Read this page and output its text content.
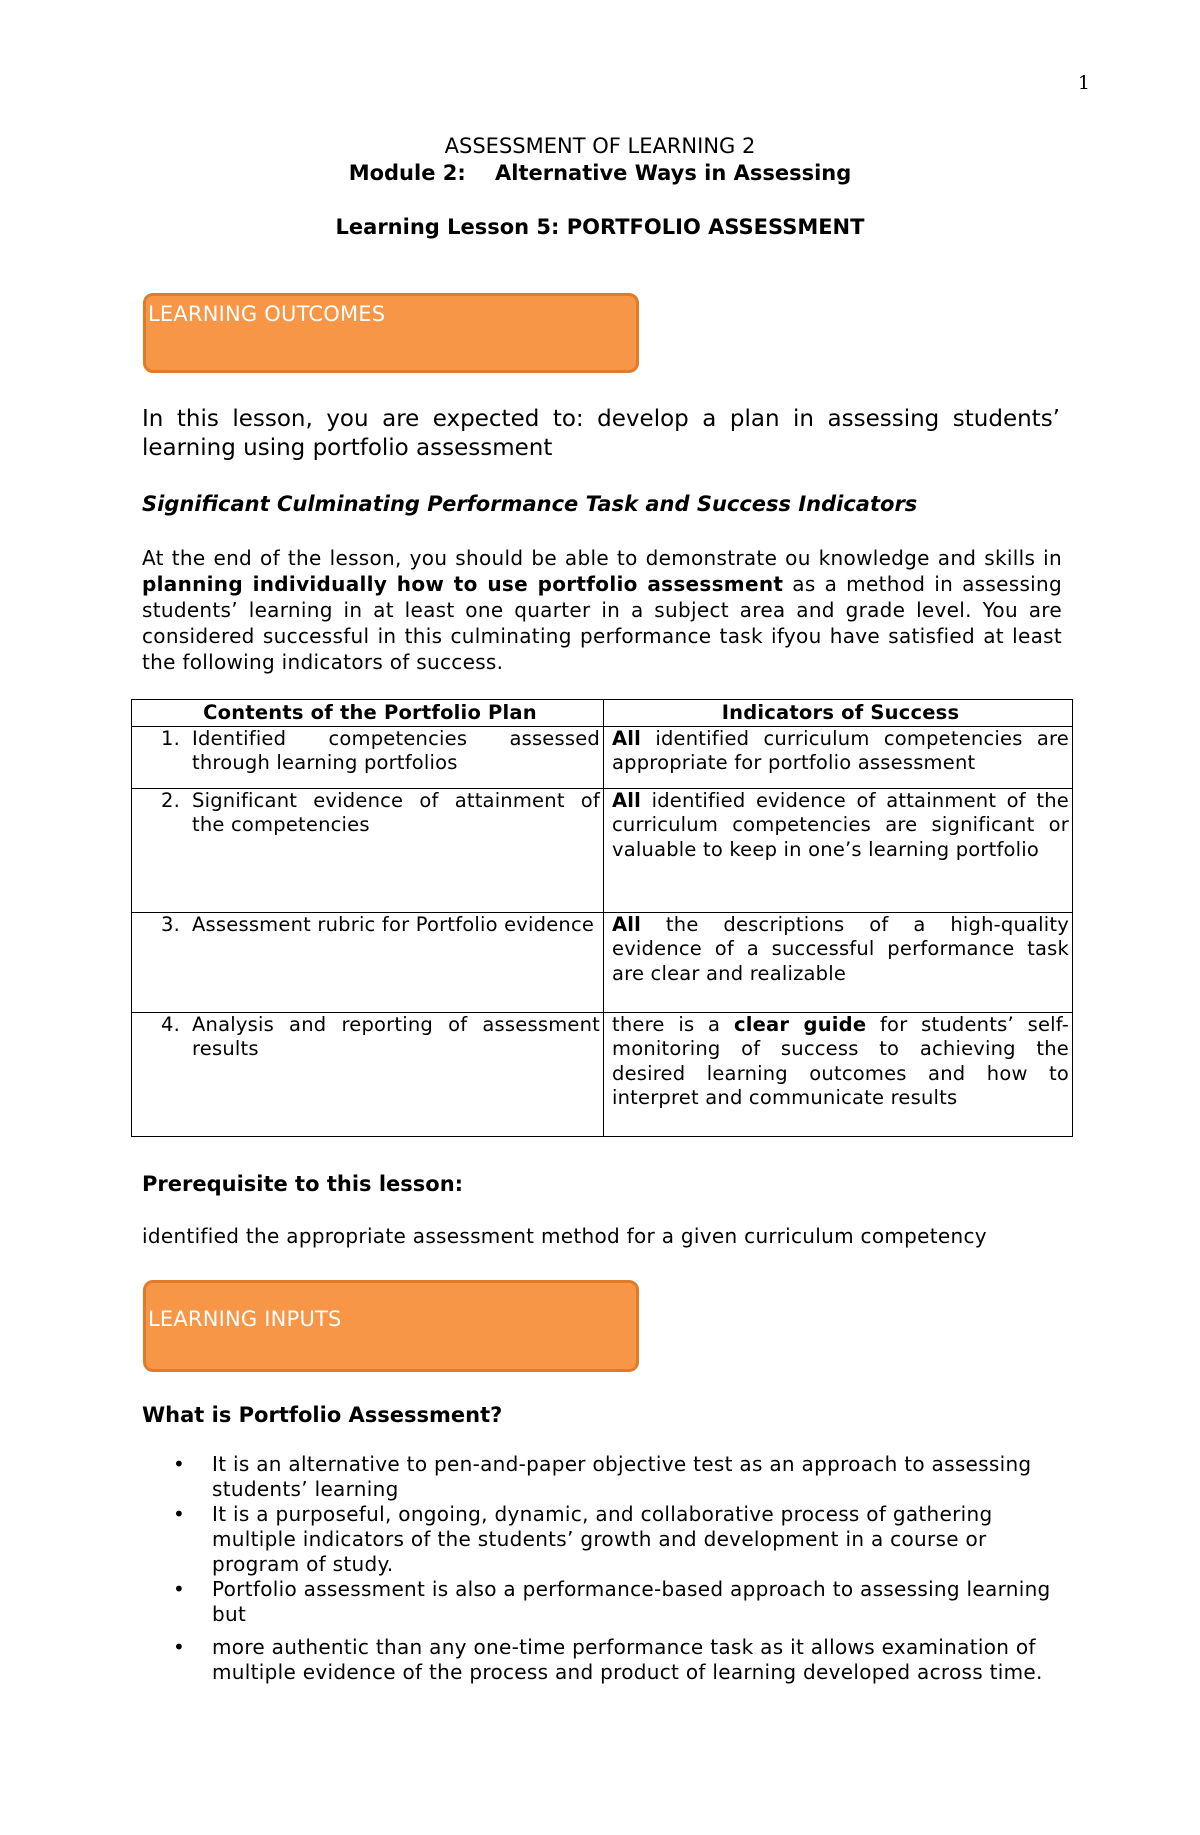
1
ASSESSMENT OF LEARNING 2
Module 2:    Alternative Ways in Assessing
Learning Lesson 5: PORTFOLIO ASSESSMENT
LEARNING OUTCOMES
In this lesson, you are expected to: develop a plan in assessing students’ learning using portfolio assessment
Significant Culminating Performance Task and Success Indicators
At the end of the lesson, you should be able to demonstrate ou knowledge and skills in planning individually how to use portfolio assessment as a method in assessing students’ learning in at least one quarter in a subject area and grade level. You are considered successful in this culminating performance task ifyou have satisfied at least the following indicators of success.
Contents of the Portfolio Plan	Indicators of Success

1. Identified competencies assessed through learning portfolios	All identified curriculum competencies are appropriate for portfolio assessment

2. Significant evidence of attainment of the competencies	All identified evidence of attainment of the curriculum competencies are significant or valuable to keep in one’s learning portfolio

3. Assessment rubric for Portfolio evidence	All the descriptions of a high-quality evidence of a successful performance task are clear and realizable

4. Analysis and reporting of assessment results	there is a clear guide for students’ self-monitoring of success to achieving the desired learning outcomes and how to interpret and communicate results
Prerequisite to this lesson:
identified the appropriate assessment method for a given curriculum competency
LEARNING INPUTS
What is Portfolio Assessment?
• It is an alternative to pen-and-paper objective test as an approach to assessing students’ learning
• It is a purposeful, ongoing, dynamic, and collaborative process of gathering multiple indicators of the students’ growth and development in a course or program of study.
• Portfolio assessment is also a performance-based approach to assessing learning but
• more authentic than any one-time performance task as it allows examination of multiple evidence of the process and product of learning developed across time.
